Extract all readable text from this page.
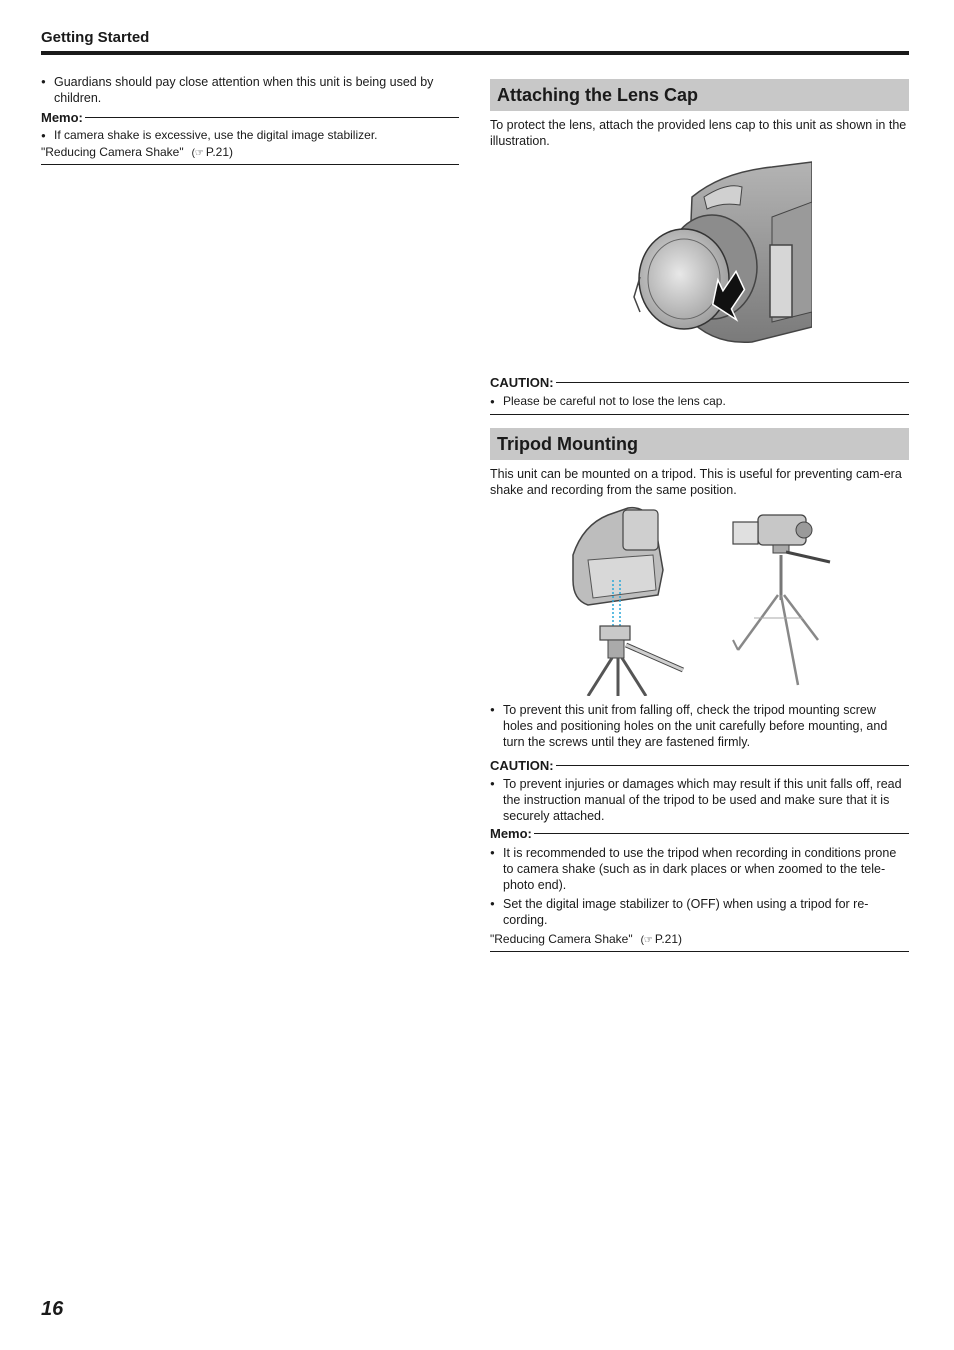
Getting Started
● Guardians should pay close attention when this unit is being used by children.
Memo:
● If camera shake is excessive, use the digital image stabilizer.
"Reducing Camera Shake" (☞ P.21)
Attaching the Lens Cap
To protect the lens, attach the provided lens cap to this unit as shown in the illustration.
CAUTION:
● Please be careful not to lose the lens cap.
Tripod Mounting
This unit can be mounted on a tripod. This is useful for preventing cam-era shake and recording from the same position.
● To prevent this unit from falling off, check the tripod mounting screw holes and positioning holes on the unit carefully before mounting, and turn the screws until they are fastened firmly.
CAUTION:
● To prevent injuries or damages which may result if this unit falls off, read the instruction manual of the tripod to be used and make sure that it is securely attached.
Memo:
● It is recommended to use the tripod when recording in conditions prone to camera shake (such as in dark places or when zoomed to the tele-photo end).
● Set the digital image stabilizer to (OFF) when using a tripod for re-cording.
"Reducing Camera Shake" (☞ P.21)
16
